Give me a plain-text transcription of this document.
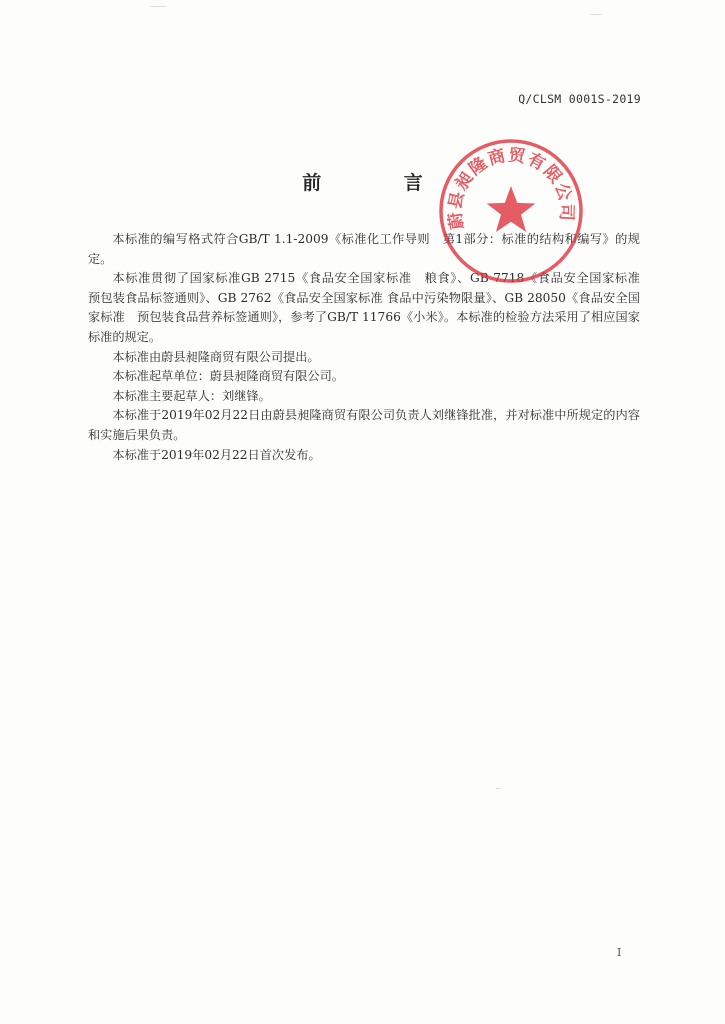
Q/CLSM 0001S-2019
前 言

本标准的编写格式符合GB/T 1.1-2009《标准化工作导则　第1部分：标准的结构和编写》的规定。

本标准贯彻了国家标准GB 2715《食品安全国家标准　粮食》、GB 7718《食品安全国家标准　预包装食品标签通则》、GB 2762《食品安全国家标准 食品中污染物限量》、GB 28050《食品安全国家标准　预包装食品营养标签通则》，参考了GB/T 11766《小米》。本标准的检验方法采用了相应国家标准的规定。

本标准由蔚县昶隆商贸有限公司提出。

本标准起草单位：蔚县昶隆商贸有限公司。

本标准主要起草人：刘继锋。

本标准于2019年02月22日由蔚县昶隆商贸有限公司负责人刘继锋批准，并对标准中所规定的内容和实施后果负责。

本标准于2019年02月22日首次发布。

蔚县昶隆商贸有限公司
I
